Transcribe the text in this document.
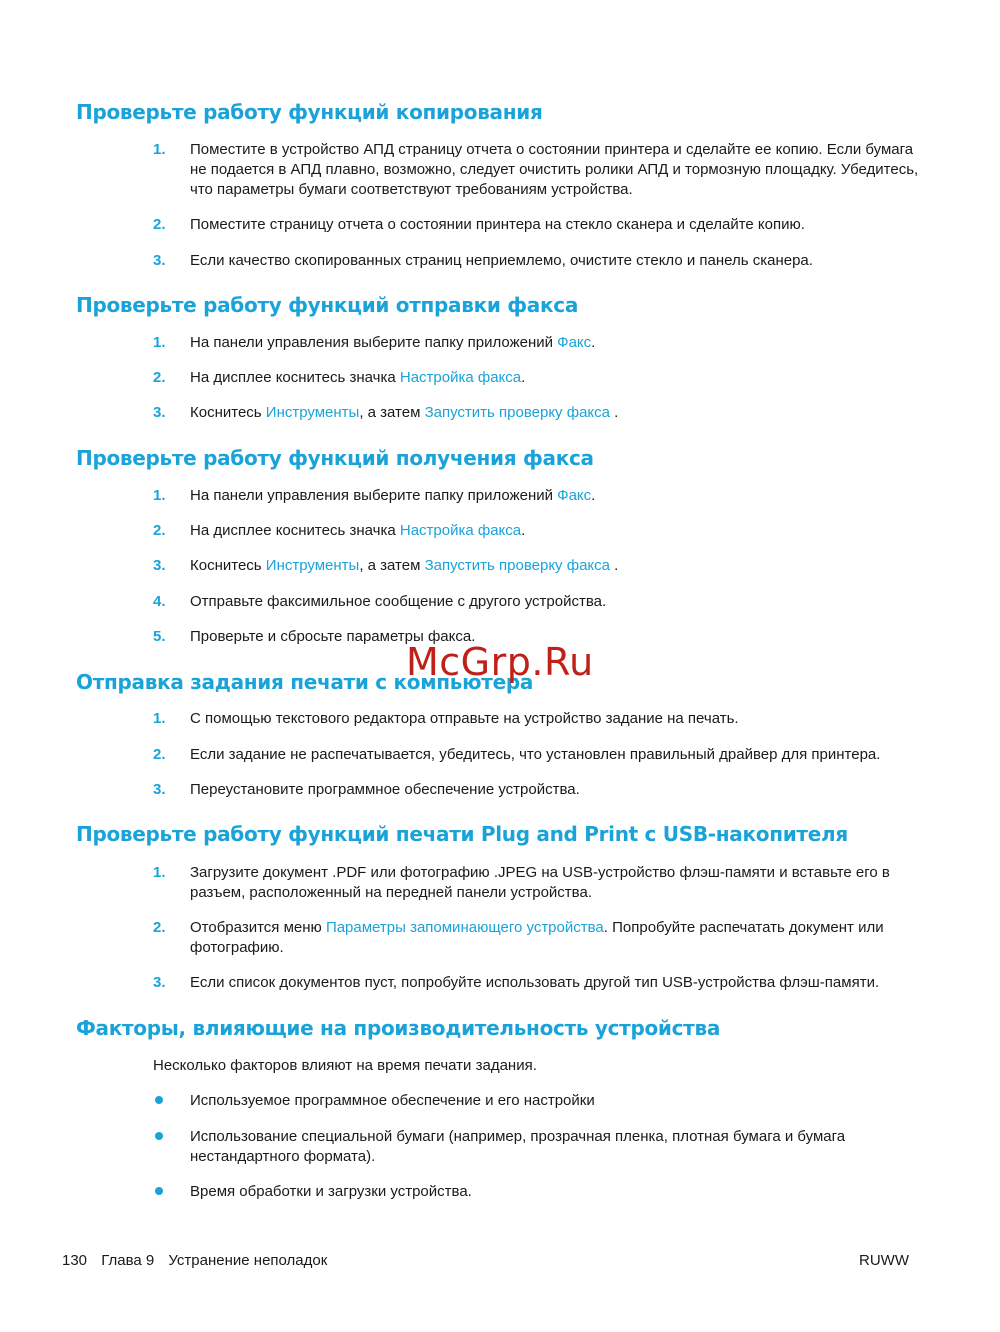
Проверьте работу функций копирования
1.	Поместите в устройство АПД страницу отчета о состоянии принтера и сделайте ее копию. Если бумага не подается в АПД плавно, возможно, следует очистить ролики АПД и тормозную площадку. Убедитесь, что параметры бумаги соответствуют требованиям устройства.
2.	Поместите страницу отчета о состоянии принтера на стекло сканера и сделайте копию.
3.	Если качество скопированных страниц неприемлемо, очистите стекло и панель сканера.
Проверьте работу функций отправки факса
1.	На панели управления выберите папку приложений Факс.
2.	На дисплее коснитесь значка Настройка факса.
3.	Коснитесь Инструменты, а затем Запустить проверку факса .
Проверьте работу функций получения факса
1.	На панели управления выберите папку приложений Факс.
2.	На дисплее коснитесь значка Настройка факса.
3.	Коснитесь Инструменты, а затем Запустить проверку факса .
4.	Отправьте факсимильное сообщение с другого устройства.
5.	Проверьте и сбросьте параметры факса.
Отправка задания печати с компьютера
1.	С помощью текстового редактора отправьте на устройство задание на печать.
2.	Если задание не распечатывается, убедитесь, что установлен правильный драйвер для принтера.
3.	Переустановите программное обеспечение устройства.
Проверьте работу функций печати Plug and Print с USB-накопителя
1.	Загрузите документ .PDF или фотографию .JPEG на USB-устройство флэш-памяти и вставьте его в разъем, расположенный на передней панели устройства.
2.	Отобразится меню Параметры запоминающего устройства. Попробуйте распечатать документ или фотографию.
3.	Если список документов пуст, попробуйте использовать другой тип USB-устройства флэш-памяти.
Факторы, влияющие на производительность устройства
Несколько факторов влияют на время печати задания.
Используемое программное обеспечение и его настройки
Использование специальной бумаги (например, прозрачная пленка, плотная бумага и бумага нестандартного формата).
Время обработки и загрузки устройства.
McGrp.Ru
130 Глава 9 Устранение неполадок	RUWW
